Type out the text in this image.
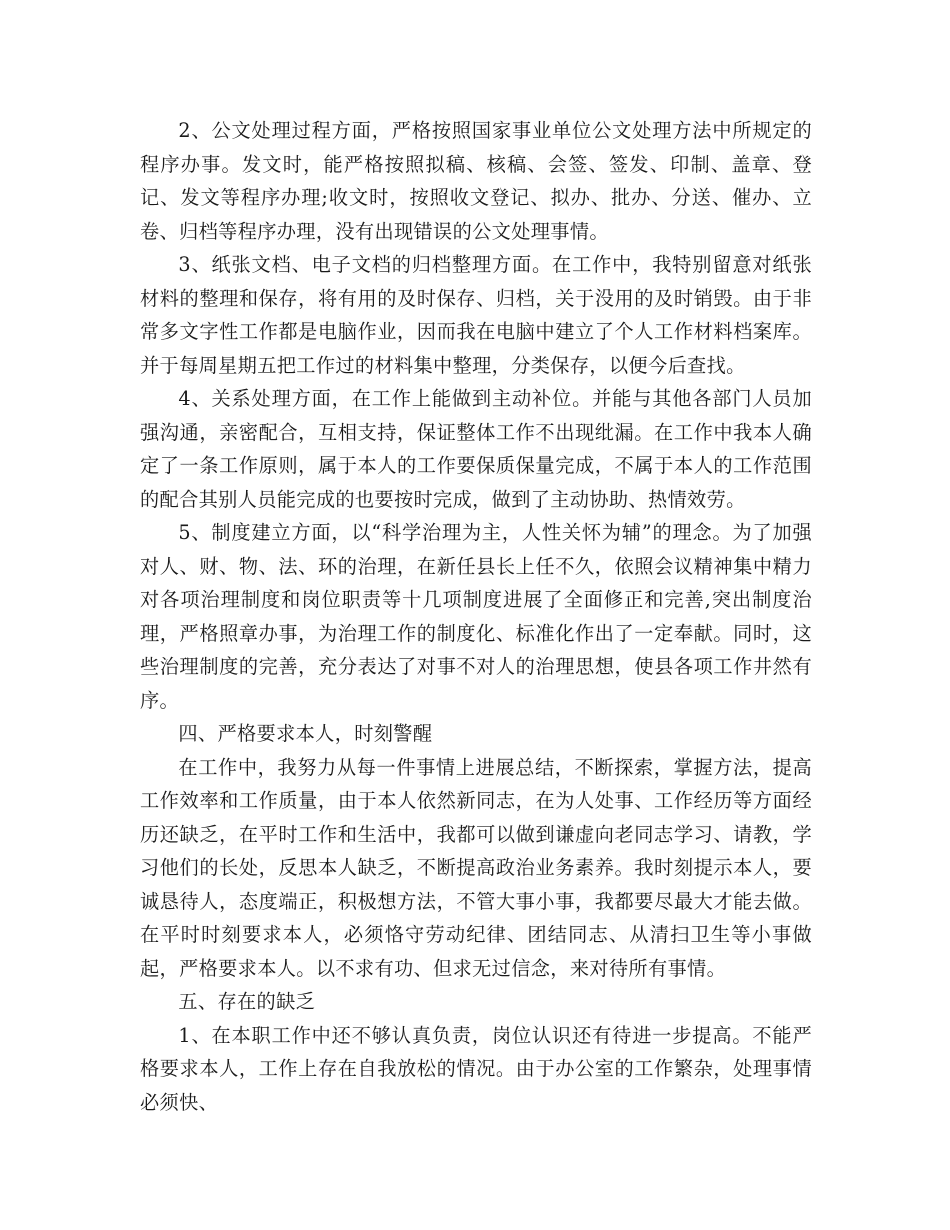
2、公文处理过程方面，严格按照国家事业单位公文处理方法中所规定的程序办事。发文时，能严格按照拟稿、核稿、会签、签发、印制、盖章、登记、发文等程序办理;收文时，按照收文登记、拟办、批办、分送、催办、立卷、归档等程序办理，没有出现错误的公文处理事情。

3、纸张文档、电子文档的归档整理方面。在工作中，我特别留意对纸张材料的整理和保存，将有用的及时保存、归档，关于没用的及时销毁。由于非常多文字性工作都是电脑作业，因而我在电脑中建立了个人工作材料档案库。并于每周星期五把工作过的材料集中整理，分类保存，以便今后查找。

4、关系处理方面，在工作上能做到主动补位。并能与其他各部门人员加强沟通，亲密配合，互相支持，保证整体工作不出现纰漏。在工作中我本人确定了一条工作原则，属于本人的工作要保质保量完成，不属于本人的工作范围的配合其别人员能完成的也要按时完成，做到了主动协助、热情效劳。

5、制度建立方面，以“科学治理为主，人性关怀为辅”的理念。为了加强对人、财、物、法、环的治理，在新任县长上任不久，依照会议精神集中精力对各项治理制度和岗位职责等十几项制度进展了全面修正和完善,突出制度治理，严格照章办事，为治理工作的制度化、标准化作出了一定奉献。同时，这些治理制度的完善，充分表达了对事不对人的治理思想，使县各项工作井然有序。

四、严格要求本人，时刻警醒

在工作中，我努力从每一件事情上进展总结，不断探索，掌握方法，提高工作效率和工作质量，由于本人依然新同志，在为人处事、工作经历等方面经历还缺乏，在平时工作和生活中，我都可以做到谦虚向老同志学习、请教，学习他们的长处，反思本人缺乏，不断提高政治业务素养。我时刻提示本人，要诚恳待人，态度端正，积极想方法，不管大事小事，我都要尽最大才能去做。在平时时刻要求本人，必须恪守劳动纪律、团结同志、从清扫卫生等小事做起，严格要求本人。以不求有功、但求无过信念，来对待所有事情。

五、存在的缺乏

1、在本职工作中还不够认真负责，岗位认识还有待进一步提高。不能严格要求本人，工作上存在自我放松的情况。由于办公室的工作繁杂，处理事情必须快、
